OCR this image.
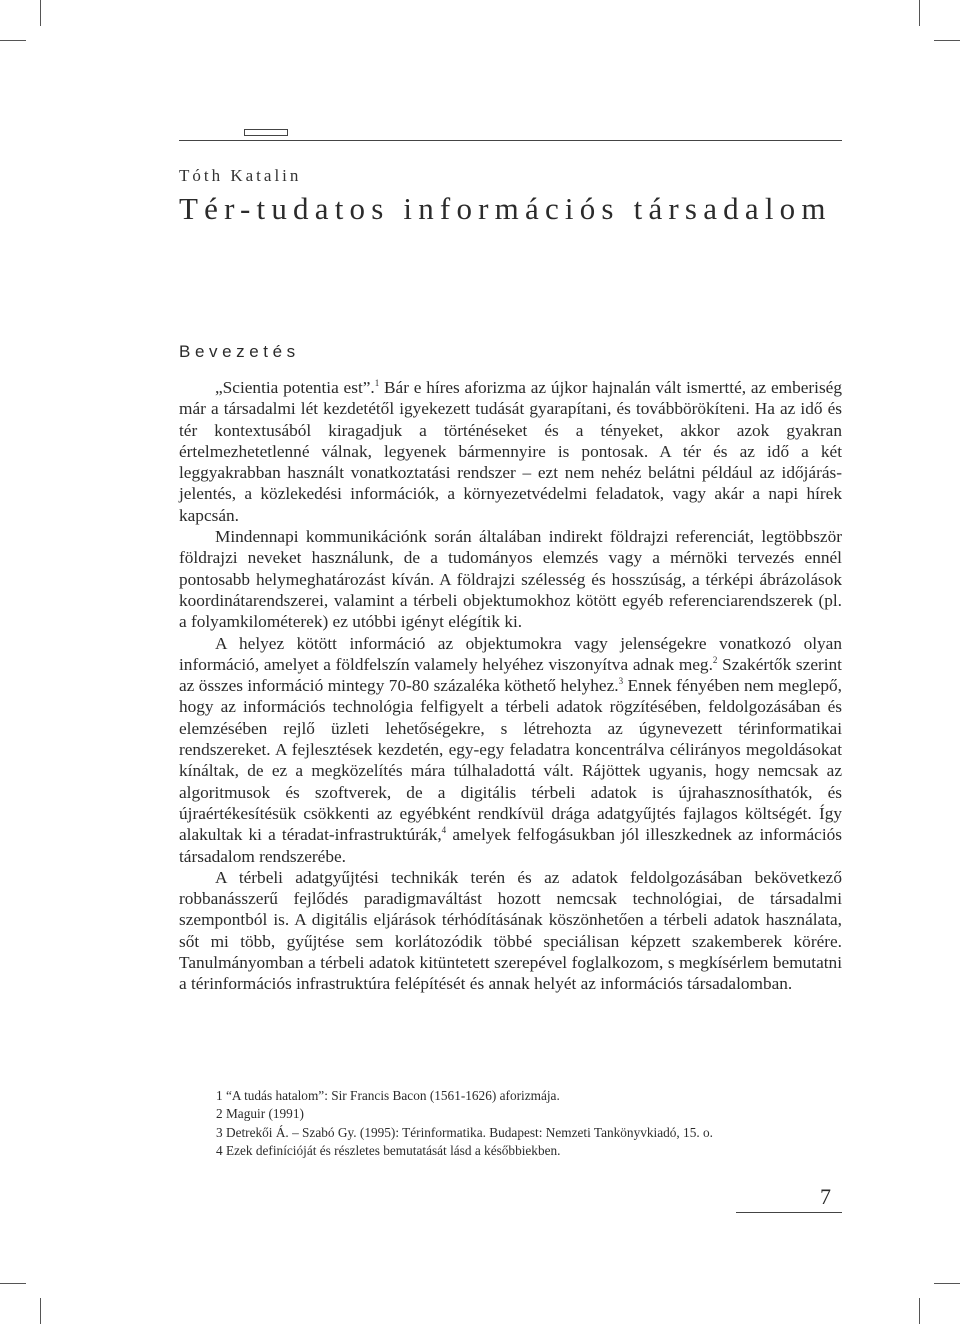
Tóth Katalin
Tér-tudatos információs társadalom
Bevezetés

„Scientia potentia est”.$^1$ Bár e híres aforizma az újkor hajnalán vált ismertté, az emberiség már a társadalmi lét kezdetétől igyekezett tudását gyarapítani, és továbbörökíteni. Ha az idő és tér kontextusából kiragadjuk a történéseket és a tényeket, akkor azok gyakran értelmezhetetlenné válnak, legyenek bármennyire is pontosak. A tér és az idő a két leggyakrabban használt vonatkoztatási rendszer – ezt nem nehéz belátni például az időjárás-jelentés, a közlekedési információk, a környezetvédelmi feladatok, vagy akár a napi hírek kapcsán.

Mindennapi kommunikációnk során általában indirekt földrajzi referenciát, legtöbbször földrajzi neveket használunk, de a tudományos elemzés vagy a mérnöki tervezés ennél pontosabb helymeghatározást kíván. A földrajzi szélesség és hosszúság, a térképi ábrázolások koordinátarendszerei, valamint a térbeli objektumokhoz kötött egyéb referenciarendszerek (pl. a folyamkilométerek) ez utóbbi igényt elégítik ki.

A helyez kötött információ az objektumokra vagy jelenségekre vonatkozó olyan információ, amelyet a földfelszín valamely helyéhez viszonyítva adnak meg.$^2$ Szakértők szerint az összes információ mintegy 70-80 százaléka köthető helyhez.$^3$ Ennek fényében nem meglepő, hogy az információs technológia felfigyelt a térbeli adatok rögzítésében, feldolgozásában és elemzésében rejlő üzleti lehetőségekre, s létrehozta az úgynevezett térinformatikai rendszereket. A fejlesztések kezdetén, egy-egy feladatra koncentrálva célirányos megoldásokat kínáltak, de ez a megközelítés mára túlhaladottá vált. Rájöttek ugyanis, hogy nemcsak az algoritmusok és szoftverek, de a digitális térbeli adatok is újrahasznosíthatók, és újraértékesítésük csökkenti az egyébként rendkívül drága adatgyűjtés fajlagos költségét. Így alakultak ki a téradat-infrastruktúrák,$^4$ amelyek felfogásukban jól illeszkednek az információs társadalom rendszerébe.

A térbeli adatgyűjtési technikák terén és az adatok feldolgozásában bekövetkező robbanásszerű fejlődés paradigmaváltást hozott nemcsak technológiai, de társadalmi szempontból is. A digitális eljárások térhódításának köszönhetően a térbeli adatok használata, sőt mi több, gyűjtése sem korlátozódik többé speciálisan képzett szakemberek körére. Tanulmányomban a térbeli adatok kitüntetett szerepével foglalkozom, s megkísérlem bemutatni a térinformációs infrastruktúra felépítését és annak helyét az információs társadalomban.

1 “A tudás hatalom”: Sir Francis Bacon (1561-1626) aforizmája.
2 Maguir (1991)
3 Detrekői Á. – Szabó Gy. (1995): Térinformatika. Budapest: Nemzeti Tankönyvkiadó, 15. o.
4 Ezek definícióját és részletes bemutatását lásd a későbbiekben.
7
